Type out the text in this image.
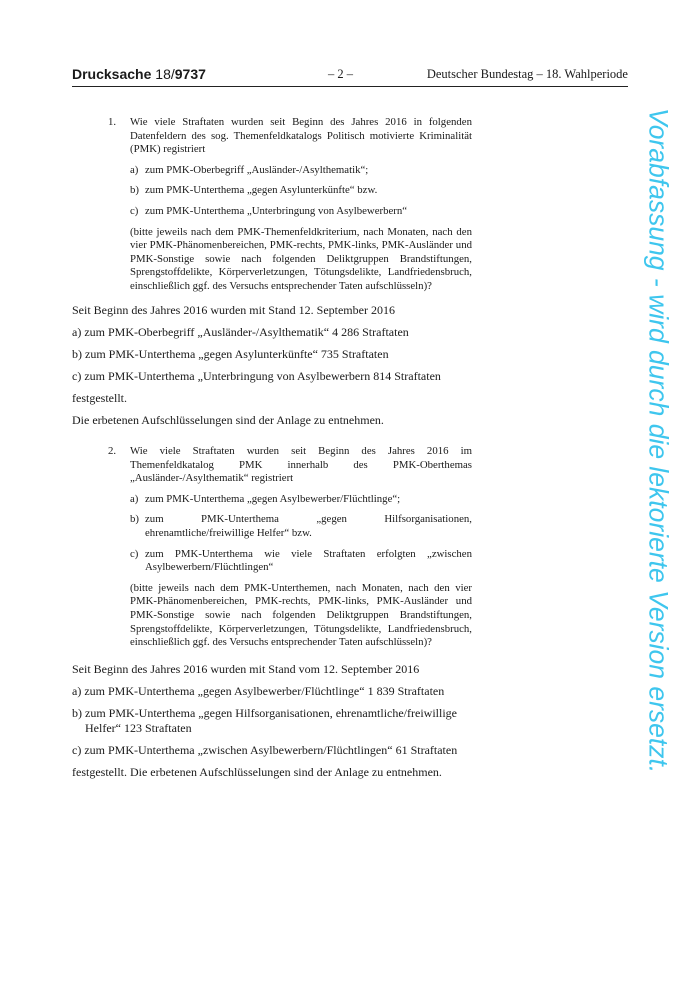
Drucksache 18/9737	– 2 –	Deutscher Bundestag – 18. Wahlperiode
Vorabfassung - wird durch die lektorierte Version ersetzt.
1. Wie viele Straftaten wurden seit Beginn des Jahres 2016 in folgenden Datenfeldern des sog. Themenfeldkatalogs Politisch motivierte Kriminalität (PMK) registriert
a) zum PMK-Oberbegriff „Ausländer-/Asylthematik“;
b) zum PMK-Unterthema „gegen Asylunterkünfte“ bzw.
c) zum PMK-Unterthema „Unterbringung von Asylbewerbern“
(bitte jeweils nach dem PMK-Themenfeldkriterium, nach Monaten, nach den vier PMK-Phänomenbereichen, PMK-rechts, PMK-links, PMK-Ausländer und PMK-Sonstige sowie nach folgenden Deliktgruppen Brandstiftungen, Sprengstoffdelikte, Körperverletzungen, Tötungsdelikte, Landfriedensbruch, einschließlich ggf. des Versuchs entsprechender Taten aufschlüsseln)?

Seit Beginn des Jahres 2016 wurden mit Stand 12. September 2016

a) zum PMK-Oberbegriff „Ausländer-/Asylthematik“ 4 286 Straftaten

b) zum PMK-Unterthema „gegen Asylunterkünfte“ 735 Straftaten

c) zum PMK-Unterthema „Unterbringung von Asylbewerbern 814 Straftaten

festgestellt.

Die erbetenen Aufschlüsselungen sind der Anlage zu entnehmen.

2. Wie viele Straftaten wurden seit Beginn des Jahres 2016 im Themenfeldkatalog PMK innerhalb des PMK-Oberthemas „Ausländer-/Asylthematik“ registriert
a) zum PMK-Unterthema „gegen Asylbewerber/Flüchtlinge“;
b) zum PMK-Unterthema „gegen Hilfsorganisationen, ehrenamtliche/freiwillige Helfer“ bzw.
c) zum PMK-Unterthema wie viele Straftaten erfolgten „zwischen Asylbewerbern/Flüchtlingen“
(bitte jeweils nach dem PMK-Unterthemen, nach Monaten, nach den vier PMK-Phänomenbereichen, PMK-rechts, PMK-links, PMK-Ausländer und PMK-Sonstige sowie nach folgenden Deliktgruppen Brandstiftungen, Sprengstoffdelikte, Körperverletzungen, Tötungsdelikte, Landfriedensbruch, einschließlich ggf. des Versuchs entsprechender Taten aufschlüsseln)?

Seit Beginn des Jahres 2016 wurden mit Stand vom 12. September 2016

a) zum PMK-Unterthema „gegen Asylbewerber/Flüchtlinge“ 1 839 Straftaten

b) zum PMK-Unterthema „gegen Hilfsorganisationen, ehrenamtliche/freiwillige Helfer“ 123 Straftaten

c) zum PMK-Unterthema „zwischen Asylbewerbern/Flüchtlingen“ 61 Straftaten

festgestellt. Die erbetenen Aufschlüsselungen sind der Anlage zu entnehmen.
